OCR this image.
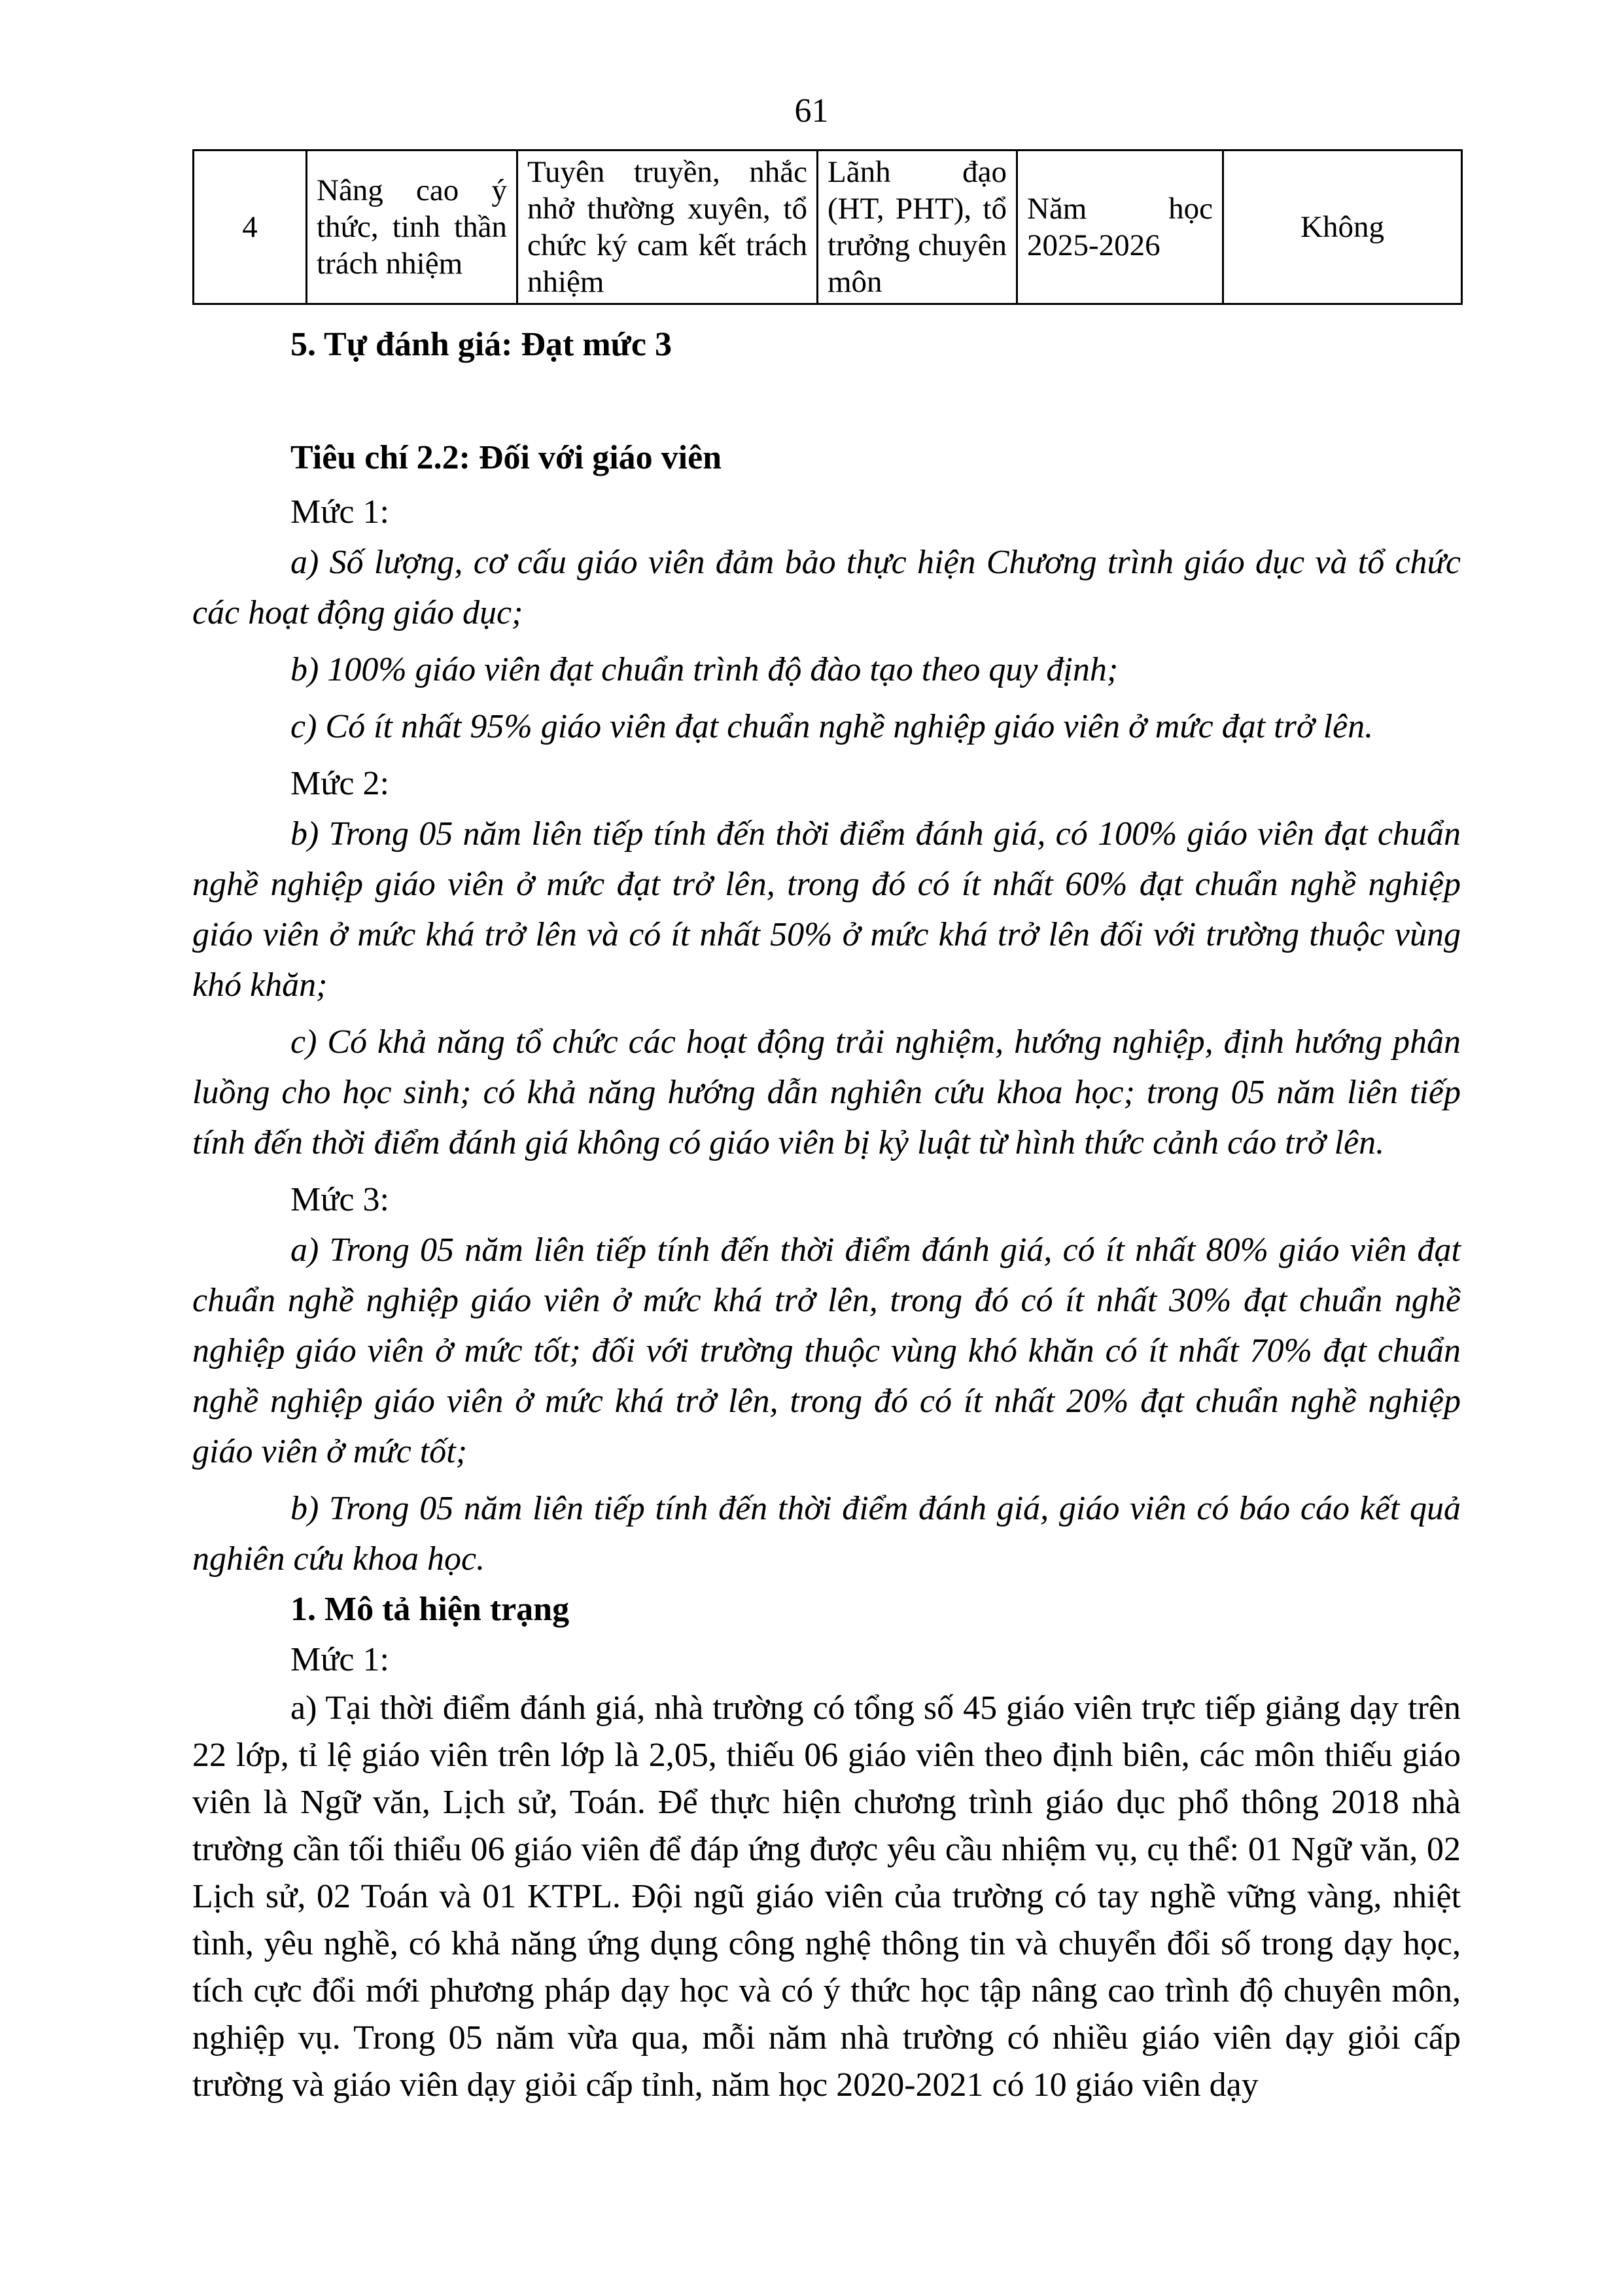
61
4	Nâng cao ý thức, tinh thần trách nhiệm	Tuyên truyền, nhắc nhở thường xuyên, tổ chức ký cam kết trách nhiệm	Lãnh đạo (HT, PHT), tổ trưởng chuyên môn	Năm học 2025-2026	Không

5. Tự đánh giá: Đạt mức 3

Tiêu chí 2.2: Đối với giáo viên

Mức 1:

a) Số lượng, cơ cấu giáo viên đảm bảo thực hiện Chương trình giáo dục và tổ chức các hoạt động giáo dục;

b) 100% giáo viên đạt chuẩn trình độ đào tạo theo quy định;

c) Có ít nhất 95% giáo viên đạt chuẩn nghề nghiệp giáo viên ở mức đạt trở lên.

Mức 2:

b) Trong 05 năm liên tiếp tính đến thời điểm đánh giá, có 100% giáo viên đạt chuẩn nghề nghiệp giáo viên ở mức đạt trở lên, trong đó có ít nhất 60% đạt chuẩn nghề nghiệp giáo viên ở mức khá trở lên và có ít nhất 50% ở mức khá trở lên đối với trường thuộc vùng khó khăn;

c) Có khả năng tổ chức các hoạt động trải nghiệm, hướng nghiệp, định hướng phân luồng cho học sinh; có khả năng hướng dẫn nghiên cứu khoa học; trong 05 năm liên tiếp tính đến thời điểm đánh giá không có giáo viên bị kỷ luật từ hình thức cảnh cáo trở lên.

Mức 3:

a) Trong 05 năm liên tiếp tính đến thời điểm đánh giá, có ít nhất 80% giáo viên đạt chuẩn nghề nghiệp giáo viên ở mức khá trở lên, trong đó có ít nhất 30% đạt chuẩn nghề nghiệp giáo viên ở mức tốt; đối với trường thuộc vùng khó khăn có ít nhất 70% đạt chuẩn nghề nghiệp giáo viên ở mức khá trở lên, trong đó có ít nhất 20% đạt chuẩn nghề nghiệp giáo viên ở mức tốt;

b) Trong 05 năm liên tiếp tính đến thời điểm đánh giá, giáo viên có báo cáo kết quả nghiên cứu khoa học.

1. Mô tả hiện trạng

Mức 1:

a) Tại thời điểm đánh giá, nhà trường có tổng số 45 giáo viên trực tiếp giảng dạy trên 22 lớp, tỉ lệ giáo viên trên lớp là 2,05, thiếu 06 giáo viên theo định biên, các môn thiếu giáo viên là Ngữ văn, Lịch sử, Toán. Để thực hiện chương trình giáo dục phổ thông 2018 nhà trường cần tối thiểu 06 giáo viên để đáp ứng được yêu cầu nhiệm vụ, cụ thể: 01 Ngữ văn, 02 Lịch sử, 02 Toán và 01 KTPL. Đội ngũ giáo viên của trường có tay nghề vững vàng, nhiệt tình, yêu nghề, có khả năng ứng dụng công nghệ thông tin và chuyển đổi số trong dạy học, tích cực đổi mới phương pháp dạy học và có ý thức học tập nâng cao trình độ chuyên môn, nghiệp vụ. Trong 05 năm vừa qua, mỗi năm nhà trường có nhiều giáo viên dạy giỏi cấp trường và giáo viên dạy giỏi cấp tỉnh, năm học 2020-2021 có 10 giáo viên dạy
